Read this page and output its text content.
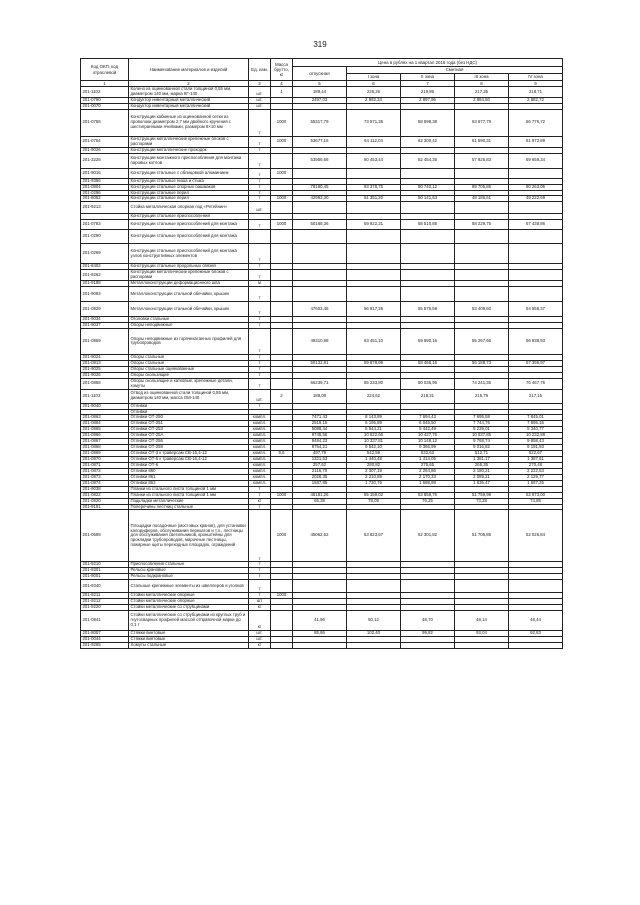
319
Код ОКП, код отраслевой	Наименование материалов и изделий	Ед. изм.	Масса брутто, кг	Цена в рублях на 1 квартал 2016 года (без НДС)				
				отпускная	Сметная			
					I зона	II зона	III зона	IV зона
1	2	3	4	5	6	7	8	9
201-1102	Колено из оцинкованной стали толщиной 0,55 мм, диаметром 140 мм, марка КГ-140	шт.	1	189,44	226,26	219,86	217,35	218,71
201-0790	Кондуктор инвентарный металлический	шт.		2497,03	2 982,34	2 897,96	2 884,50	2 882,72
201-0070	Кондуктор инвентарный металлический	шт.						
201-0756	Конструкции кабинные из оцинкованной сетки из проволоки диаметром 2,7 мм двойного кручения с шестигранными ячейками, размером 8×10 мм	т	1000	55317,79	73 571,35	58 598,38	63 677,79	66 776,72
201-0764	Конструкции металлические крепежные блоков с распорами	т	1000	53677,16	64 112,04	62 300,42	61 590,31	61 972,89
201-9026	Конструкции металлические проходок	т						
201-3226	Конструкции монтажного приспособления для монтажа паровых котлов	т		53956,68	60 453,44	52 454,35	57 925,83	59 659,34
201-9016	Конструкции стальные с облицовкой алюминием	т	1000					
201-9356	Конструкции стальные ниша и стыка	т						
201-0804	Конструкции стальные опорных башмаков	т		78180,45	93 378,75	90 740,12	89 705,86	90 263,05
201-0296	Конструкции стальные перил	т						
201-8052	Конструкции стальные перил	т	1000	42993,30	51 351,20	50 141,63	48 186,61	49 222,69
201-9213	Стойка металлическая опорная под «Ретейнин»	шт.						
	Конструкции стальные приспособлений							
201-0783	Конструкции стальные приспособлений для монтажа	т	1000	50168,36	59 922,31	58 510,85	58 229,75	57 438,86
201-0290	Конструкции стальные приспособлений для монтажа							
201-0269	Конструкции стальные приспособлений для монтажа узлов конструктивных элементов	т						
201-8402	Конструкции стальные продольных связей	т						
201-8262	Конструкции металлические крепежные блоков с распорами	т						
201-9188	Металлоконструкции деформационного шва	м						
201-9093	Металлоконструкции стальной обечайки, крышек	т						
201-0829	Металлоконструкции стальной обечайки, крышек	т		47603,46	56 917,26	55 576,58	53 409,60	54 558,37
201-9034	Оголовки стальные	т						
201-9037	Опоры неподвижные	т						
201-0859	Опоры неподвижные из горячекатанных профилей для трубопроводов	т		49310,98	63 451,10	59 590,16	55 267,66	56 938,93
201-9024	Опоры стальные	т						
201-0813	Опоры стальные	т		50132,81	59 878,99	58 468,16	56 188,73	57 396,97
201-9025	Опоры стальные оцинкованные	т						
201-9026	Опоры скользящие	т						
201-0858	Опоры скользящие и катковые, крепежные детали, хомуты	т		66239,71	85 233,80	80 035,96	74 241,35	76 467,76
201-1103	Отвод из оцинкованной стали толщиной 0,55 мм, диаметром 140 мм, масса ОМ-140	шт.	2	188,08	224,62	218,31	215,79	217,15
201-9040	Отливки	т						
	Отливки							
201-0863	Отливки ОТ-250	компл.		7471,43	8 143,89	7 694,43	7 695,58	7 845,01
201-0864	Отливки ОТ-251	компл.		2519,16	6 195,89	6 045,50	7 744,76	7 895,15
201-0865	Отливки ОТ-253	компл.		5088,44	5 544,21	5 442,49	5 239,01	5 340,77
201-0866	Отливки ОТ-25А	компл.		9745,56	10 622,66	10 427,76	10 037,85	10 232,88
201-0867	Отливки ОТ-256	компл.		9484,23	10 337,81	10 148,12	9 768,74	9 958,43
201-0868	Отливки ОТ-259	компл.		8754,21	9 542,10	9 366,99	9 016,82	9 191,93
201-0869	Отливки ОТ-3 к траверсам СВ-16,4-12	компл.	9,6	497,79	542,59	532,63	512,71	522,67
201-0870	Отливки ОТ-5 к траверсам СВ-16,4-12	компл.		1321,53	1 440,48	1 414,05	1 361,17	1 387,61
201-0871	Отливки ОТ-6	компл.		257,62	280,82	275,65	265,35	270,48
201-0872	Отливки 860	компл.		2116,70	2 307,19	2 264,86	2 180,21	2 222,53
201-0873	Отливки 861	компл.		2028,35	2 210,89	2 170,33	2 089,21	2 129,77
201-0874	Отливки 863	компл.		1587,85	1 730,76	1 698,98	1 635,47	1 667,25
201-9038	Планки из стального листа толщиной 1 мм	т						
201-0822	Планки из стального листа толщиной 1 мм	т	1000	46181,26	55 159,02	53 859,76	51 759,99	52 873,00
201-0820	Подкладки металлические	кг		65,38	78,09	76,25	73,28	74,85
201-9191	Поперечины лестниц стальные	т						
201-0599	Площадки посадочные (мостовых кранов), для установки калориферов, обслуживания перекатов и т.п., лестницы для обслуживания светильников, кронштейны для прокладки трубопроводов, марочные лестницы, пожарные щиты переходных площадок, ограждений	т	1000	45062,52	53 823,67	52 301,82	51 705,86	52 026,84
201-9210	Приспособления стальные	т						
201-9301	Рельсы крановые	т						
201-9001	Рельсы подкрановые	т						
201-9340	Стальные крепежные элементы из швеллеров и уголков	т						
201-9211	Стойки металлические опорные	т	1000					
201-9212	Стойки металлические опорные	шт						
201-9220	Стойки металлические со струбцинами	кг						
201-0841	Стойки металлические со струбцинами из круглых труб и гнутосварных профилей массой отправочной марки до 0,1 т	кг		41,96	50,12	48,70	48,14	48,44
201-8057	Стяжки винтовые	шт.		85,86	102,40	99,82	93,04	92,83
201-0044	Стяжки винтовые	шт.						
201-9265	Хомуты стальные	кг						
